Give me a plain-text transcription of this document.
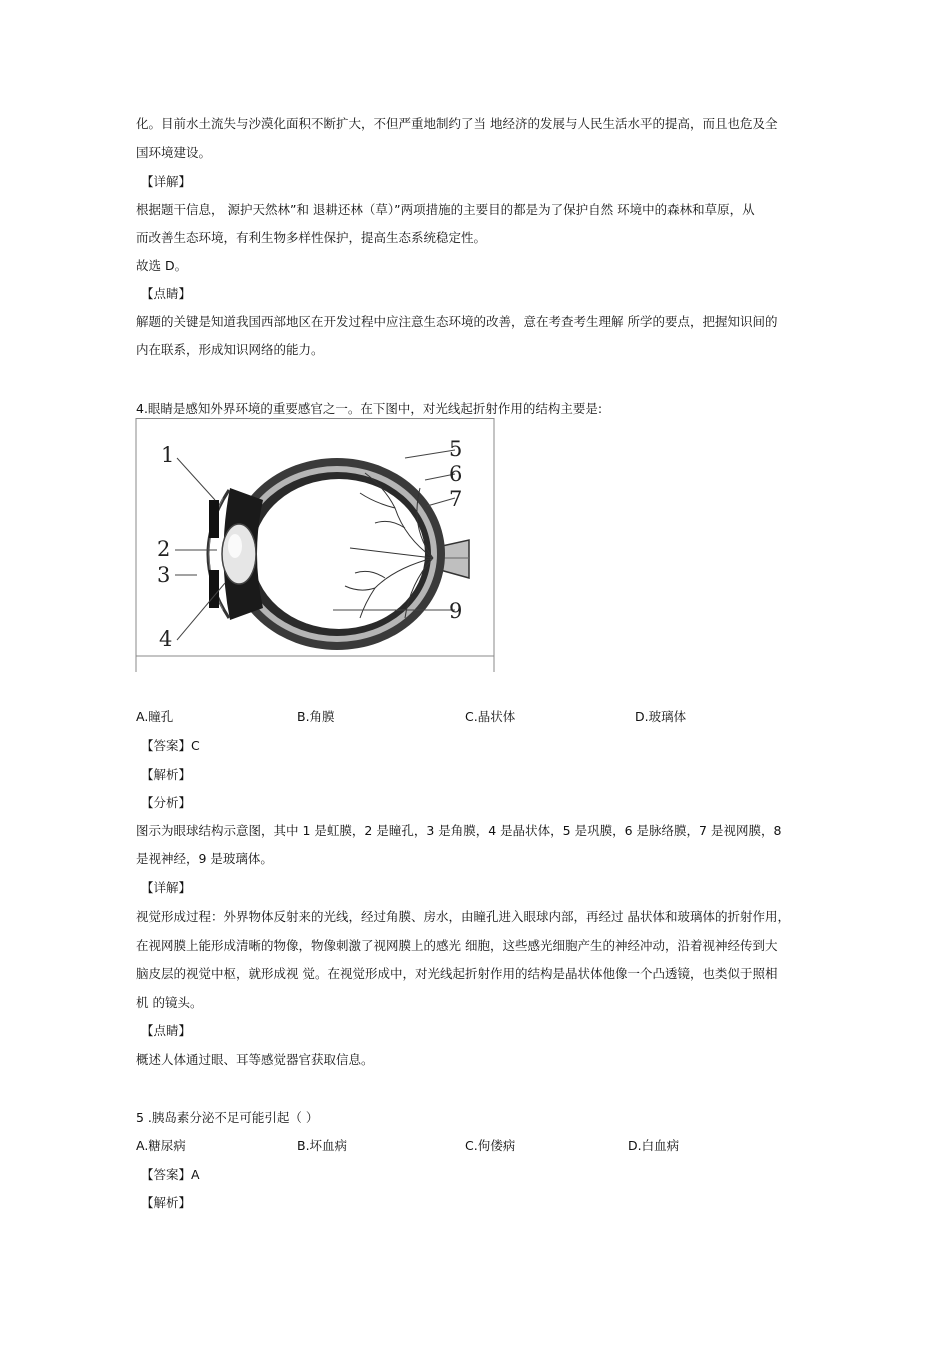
化。目前水土流失与沙漠化面积不断扩大，不但严重地制约了当 地经济的发展与人民生活水平的提高，而且也危及全
国环境建设。
【详解】
根据题干信息， 源护天然林”和 退耕还林（草）”两项措施的主要目的都是为了保护自然 环境中的森林和草原，从
而改善生态环境，有利生物多样性保护，提高生态系统稳定性。
故选 D。
【点睛】
解题的关键是知道我国西部地区在开发过程中应注意生态环境的改善，意在考查考生理解 所学的要点，把握知识间的
内在联系，形成知识网络的能力。
4.眼睛是感知外界环境的重要感官之一。在下图中，对光线起折射作用的结构主要是:
1
2
3
4
5
6
7
9
A.瞳孔	B.角膜	C.晶状体	D.玻璃体
【答案】C
【解析】
【分析】
图示为眼球结构示意图，其中 1 是虹膜，2 是瞳孔，3 是角膜，4 是晶状体，5 是巩膜，6 是脉络膜，7 是视网膜，8
是视神经，9 是玻璃体。
【详解】
视觉形成过程：外界物体反射来的光线，经过角膜、房水，由瞳孔进入眼球内部，再经过 晶状体和玻璃体的折射作用，
在视网膜上能形成清晰的物像，物像刺激了视网膜上的感光 细胞，这些感光细胞产生的神经冲动，沿着视神经传到大
脑皮层的视觉中枢，就形成视 觉。在视觉形成中，对光线起折射作用的结构是晶状体他像一个凸透镜，也类似于照相
机 的镜头。
【点睛】
概述人体通过眼、耳等感觉器官获取信息。
5 .胰岛素分泌不足可能引起（ ）
A.糖尿病	B.坏血病	C.佝偻病	D.白血病
【答案】A
【解析】
